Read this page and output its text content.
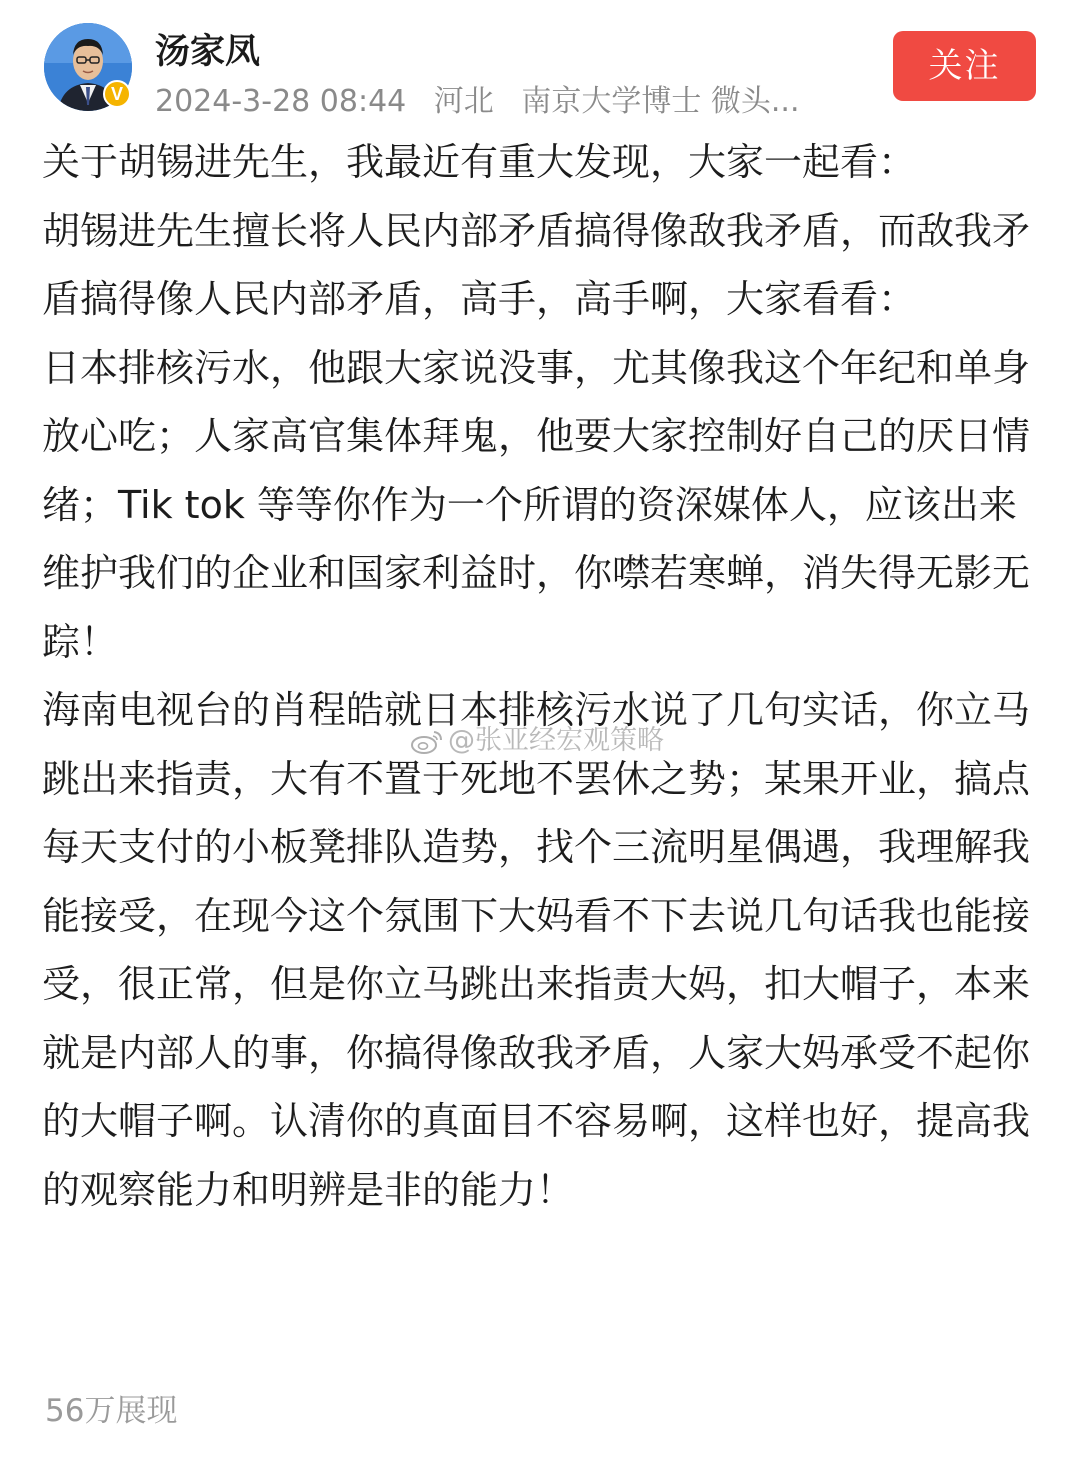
V
汤家凤
2024-3-28 08:44 河北 南京大学博士 微头...
关注

关于胡锡进先生，我最近有重大发现，大家一起看：

胡锡进先生擅长将人民内部矛盾搞得像敌我矛盾，而敌我矛盾搞得像人民内部矛盾，高手，高手啊，大家看看：

日本排核污水，他跟大家说没事，尤其像我这个年纪和单身放心吃；人家高官集体拜鬼，他要大家控制好自己的厌日情绪；Tik tok 等等你作为一个所谓的资深媒体人，应该出来维护我们的企业和国家利益时，你噤若寒蝉，消失得无影无踪！

海南电视台的肖程皓就日本排核污水说了几句实话，你立马跳出来指责，大有不置于死地不罢休之势；某果开业，搞点每天支付的小板凳排队造势，找个三流明星偶遇，我理解我能接受，在现今这个氛围下大妈看不下去说几句话我也能接受，很正常，但是你立马跳出来指责大妈，扣大帽子，本来就是内部人的事，你搞得像敌我矛盾，人家大妈承受不起你的大帽子啊。认清你的真面目不容易啊，这样也好，提高我的观察能力和明辨是非的能力！

@张亚经宏观策略
56万展现
